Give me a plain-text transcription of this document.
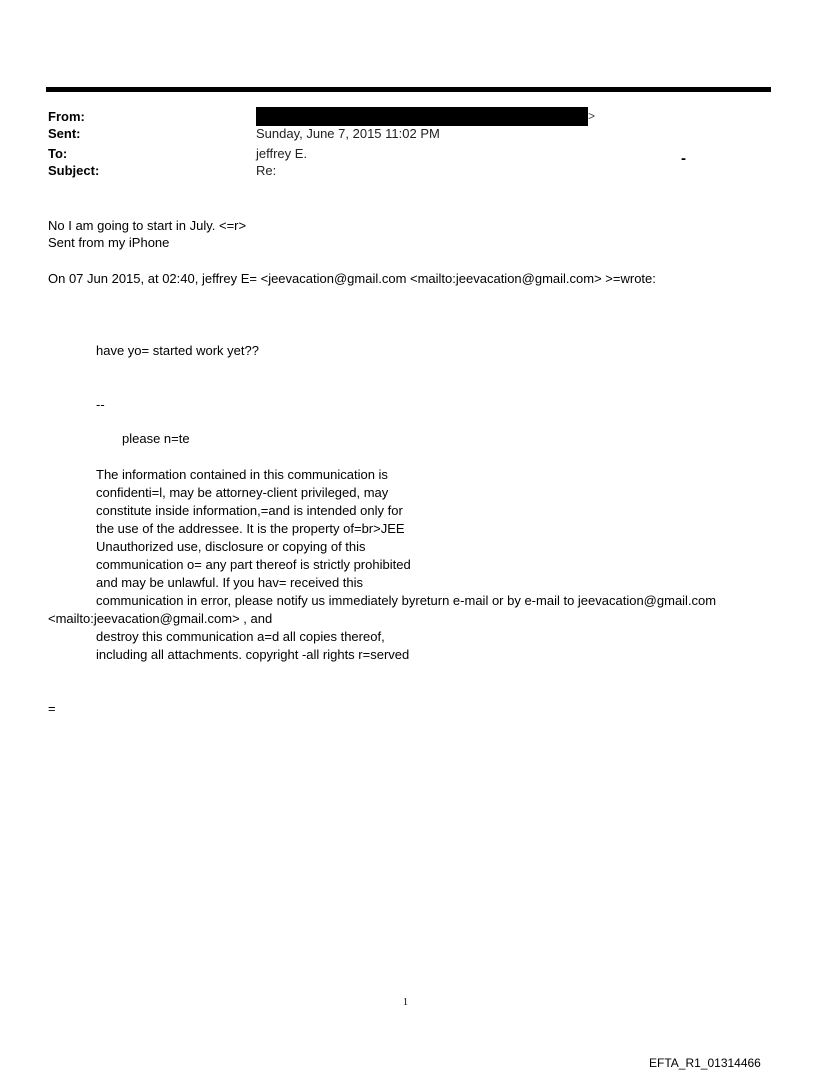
From:	>
Sent:	Sunday, June 7, 2015 11:02 PM
To:	jeffrey E.
Subject:	Re:
-
No I am going to start in July. <=r>
Sent from my iPhone
On 07 Jun 2015, at 02:40, jeffrey E= <jeevacation@gmail.com <mailto:jeevacation@gmail.com> >=wrote:
have yo= started work yet??
--
please n=te
The information contained in this communication is
confidenti=l, may be attorney-client privileged, may
constitute inside information,=and is intended only for
the use of the addressee. It is the property of=br>JEE
Unauthorized use, disclosure or copying of this
communication o= any part thereof is strictly prohibited
and may be unlawful. If you hav= received this
communication in error, please notify us immediately byreturn e-mail or by e-mail to jeevacation@gmail.com
<mailto:jeevacation@gmail.com> , and
destroy this communication a=d all copies thereof,
including all attachments. copyright -all rights r=served
=
1
EFTA_R1_01314466
